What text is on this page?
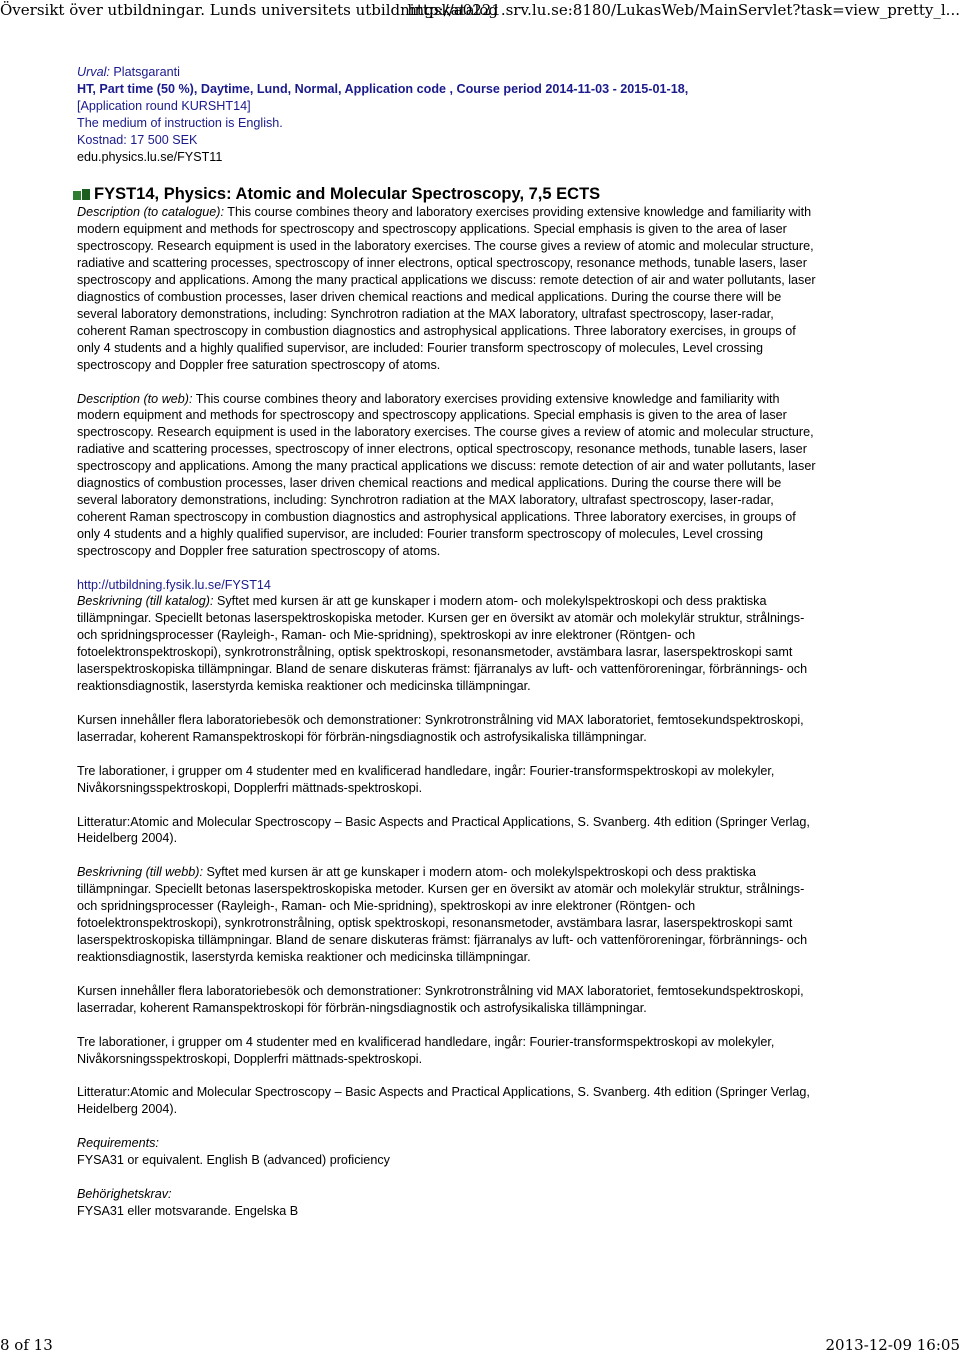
Översikt över utbildningar. Lunds universitets utbildningskatalog
http://a0221.srv.lu.se:8180/LukasWeb/MainServlet?task=view_pretty_l...

Urval: Platsgaranti

HT, Part time (50 %), Daytime, Lund, Normal, Application code , Course period 2014-11-03 - 2015-01-18,

[Application round KURSHT14]

The medium of instruction is English.

Kostnad: 17 500 SEK

edu.physics.lu.se/FYST11

FYST14, Physics: Atomic and Molecular Spectroscopy, 7,5 ECTS

Description (to catalogue): This course combines theory and laboratory exercises providing extensive knowledge and familiarity with modern equipment and methods for spectroscopy and spectroscopy applications. Special emphasis is given to the area of laser spectroscopy. Research equipment is used in the laboratory exercises. The course gives a review of atomic and molecular structure, radiative and scattering processes, spectroscopy of inner electrons, optical spectroscopy, resonance methods, tunable lasers, laser spectroscopy and applications. Among the many practical applications we discuss: remote detection of air and water pollutants, laser diagnostics of combustion processes, laser driven chemical reactions and medical applications. During the course there will be several laboratory demonstrations, including: Synchrotron radiation at the MAX laboratory, ultrafast spectroscopy, laser-radar, coherent Raman spectroscopy in combustion diagnostics and astrophysical applications. Three laboratory exercises, in groups of only 4 students and a highly qualified supervisor, are included: Fourier transform spectroscopy of molecules, Level crossing spectroscopy and Doppler free saturation spectroscopy of atoms.

Description (to web): This course combines theory and laboratory exercises providing extensive knowledge and familiarity with modern equipment and methods for spectroscopy and spectroscopy applications. Special emphasis is given to the area of laser spectroscopy. Research equipment is used in the laboratory exercises. The course gives a review of atomic and molecular structure, radiative and scattering processes, spectroscopy of inner electrons, optical spectroscopy, resonance methods, tunable lasers, laser spectroscopy and applications. Among the many practical applications we discuss: remote detection of air and water pollutants, laser diagnostics of combustion processes, laser driven chemical reactions and medical applications. During the course there will be several laboratory demonstrations, including: Synchrotron radiation at the MAX laboratory, ultrafast spectroscopy, laser-radar, coherent Raman spectroscopy in combustion diagnostics and astrophysical applications. Three laboratory exercises, in groups of only 4 students and a highly qualified supervisor, are included: Fourier transform spectroscopy of molecules, Level crossing spectroscopy and Doppler free saturation spectroscopy of atoms.

http://utbildning.fysik.lu.se/FYST14

Beskrivning (till katalog): Syftet med kursen är att ge kunskaper i modern atom- och molekylspektroskopi och dess praktiska tillämpningar. Speciellt betonas laserspektroskopiska metoder. Kursen ger en översikt av atomär och molekylär struktur, strålnings- och spridningsprocesser (Rayleigh-, Raman- och Mie-spridning), spektroskopi av inre elektroner (Röntgen- och fotoelektronspektroskopi), synkrotronstrålning, optisk spektroskopi, resonansmetoder, avstämbara lasrar, laserspektroskopi samt laserspektroskopiska tillämpningar. Bland de senare diskuteras främst: fjärranalys av luft- och vattenföroreningar, förbrännings- och reaktionsdiagnostik, laserstyrda kemiska reaktioner och medicinska tillämpningar.

Kursen innehåller flera laboratoriebesök och demonstrationer: Synkrotronstrålning vid MAX laboratoriet, femtosekundspektroskopi, laserradar, koherent Ramanspektroskopi för förbrän-ningsdiagnostik och astrofysikaliska tillämpningar.

Tre laborationer, i grupper om 4 studenter med en kvalificerad handledare, ingår: Fourier-transformspektroskopi av molekyler, Nivåkorsningsspektroskopi, Dopplerfri mättnads-spektroskopi.

Litteratur:Atomic and Molecular Spectroscopy – Basic Aspects and Practical Applications, S. Svanberg. 4th edition (Springer Verlag, Heidelberg 2004).

Beskrivning (till webb): Syftet med kursen är att ge kunskaper i modern atom- och molekylspektroskopi och dess praktiska tillämpningar. Speciellt betonas laserspektroskopiska metoder. Kursen ger en översikt av atomär och molekylär struktur, strålnings- och spridningsprocesser (Rayleigh-, Raman- och Mie-spridning), spektroskopi av inre elektroner (Röntgen- och fotoelektronspektroskopi), synkrotronstrålning, optisk spektroskopi, resonansmetoder, avstämbara lasrar, laserspektroskopi samt laserspektroskopiska tillämpningar. Bland de senare diskuteras främst: fjärranalys av luft- och vattenföroreningar, förbrännings- och reaktionsdiagnostik, laserstyrda kemiska reaktioner och medicinska tillämpningar.

Kursen innehåller flera laboratoriebesök och demonstrationer: Synkrotronstrålning vid MAX laboratoriet, femtosekundspektroskopi, laserradar, koherent Ramanspektroskopi för förbrän-ningsdiagnostik och astrofysikaliska tillämpningar.

Tre laborationer, i grupper om 4 studenter med en kvalificerad handledare, ingår: Fourier-transformspektroskopi av molekyler, Nivåkorsningsspektroskopi, Dopplerfri mättnads-spektroskopi.

Litteratur:Atomic and Molecular Spectroscopy – Basic Aspects and Practical Applications, S. Svanberg. 4th edition (Springer Verlag, Heidelberg 2004).

Requirements:

FYSA31 or equivalent. English B (advanced) proficiency

Behörighetskrav:

FYSA31 eller motsvarande. Engelska B

8 of 13	2013-12-09 16:05
